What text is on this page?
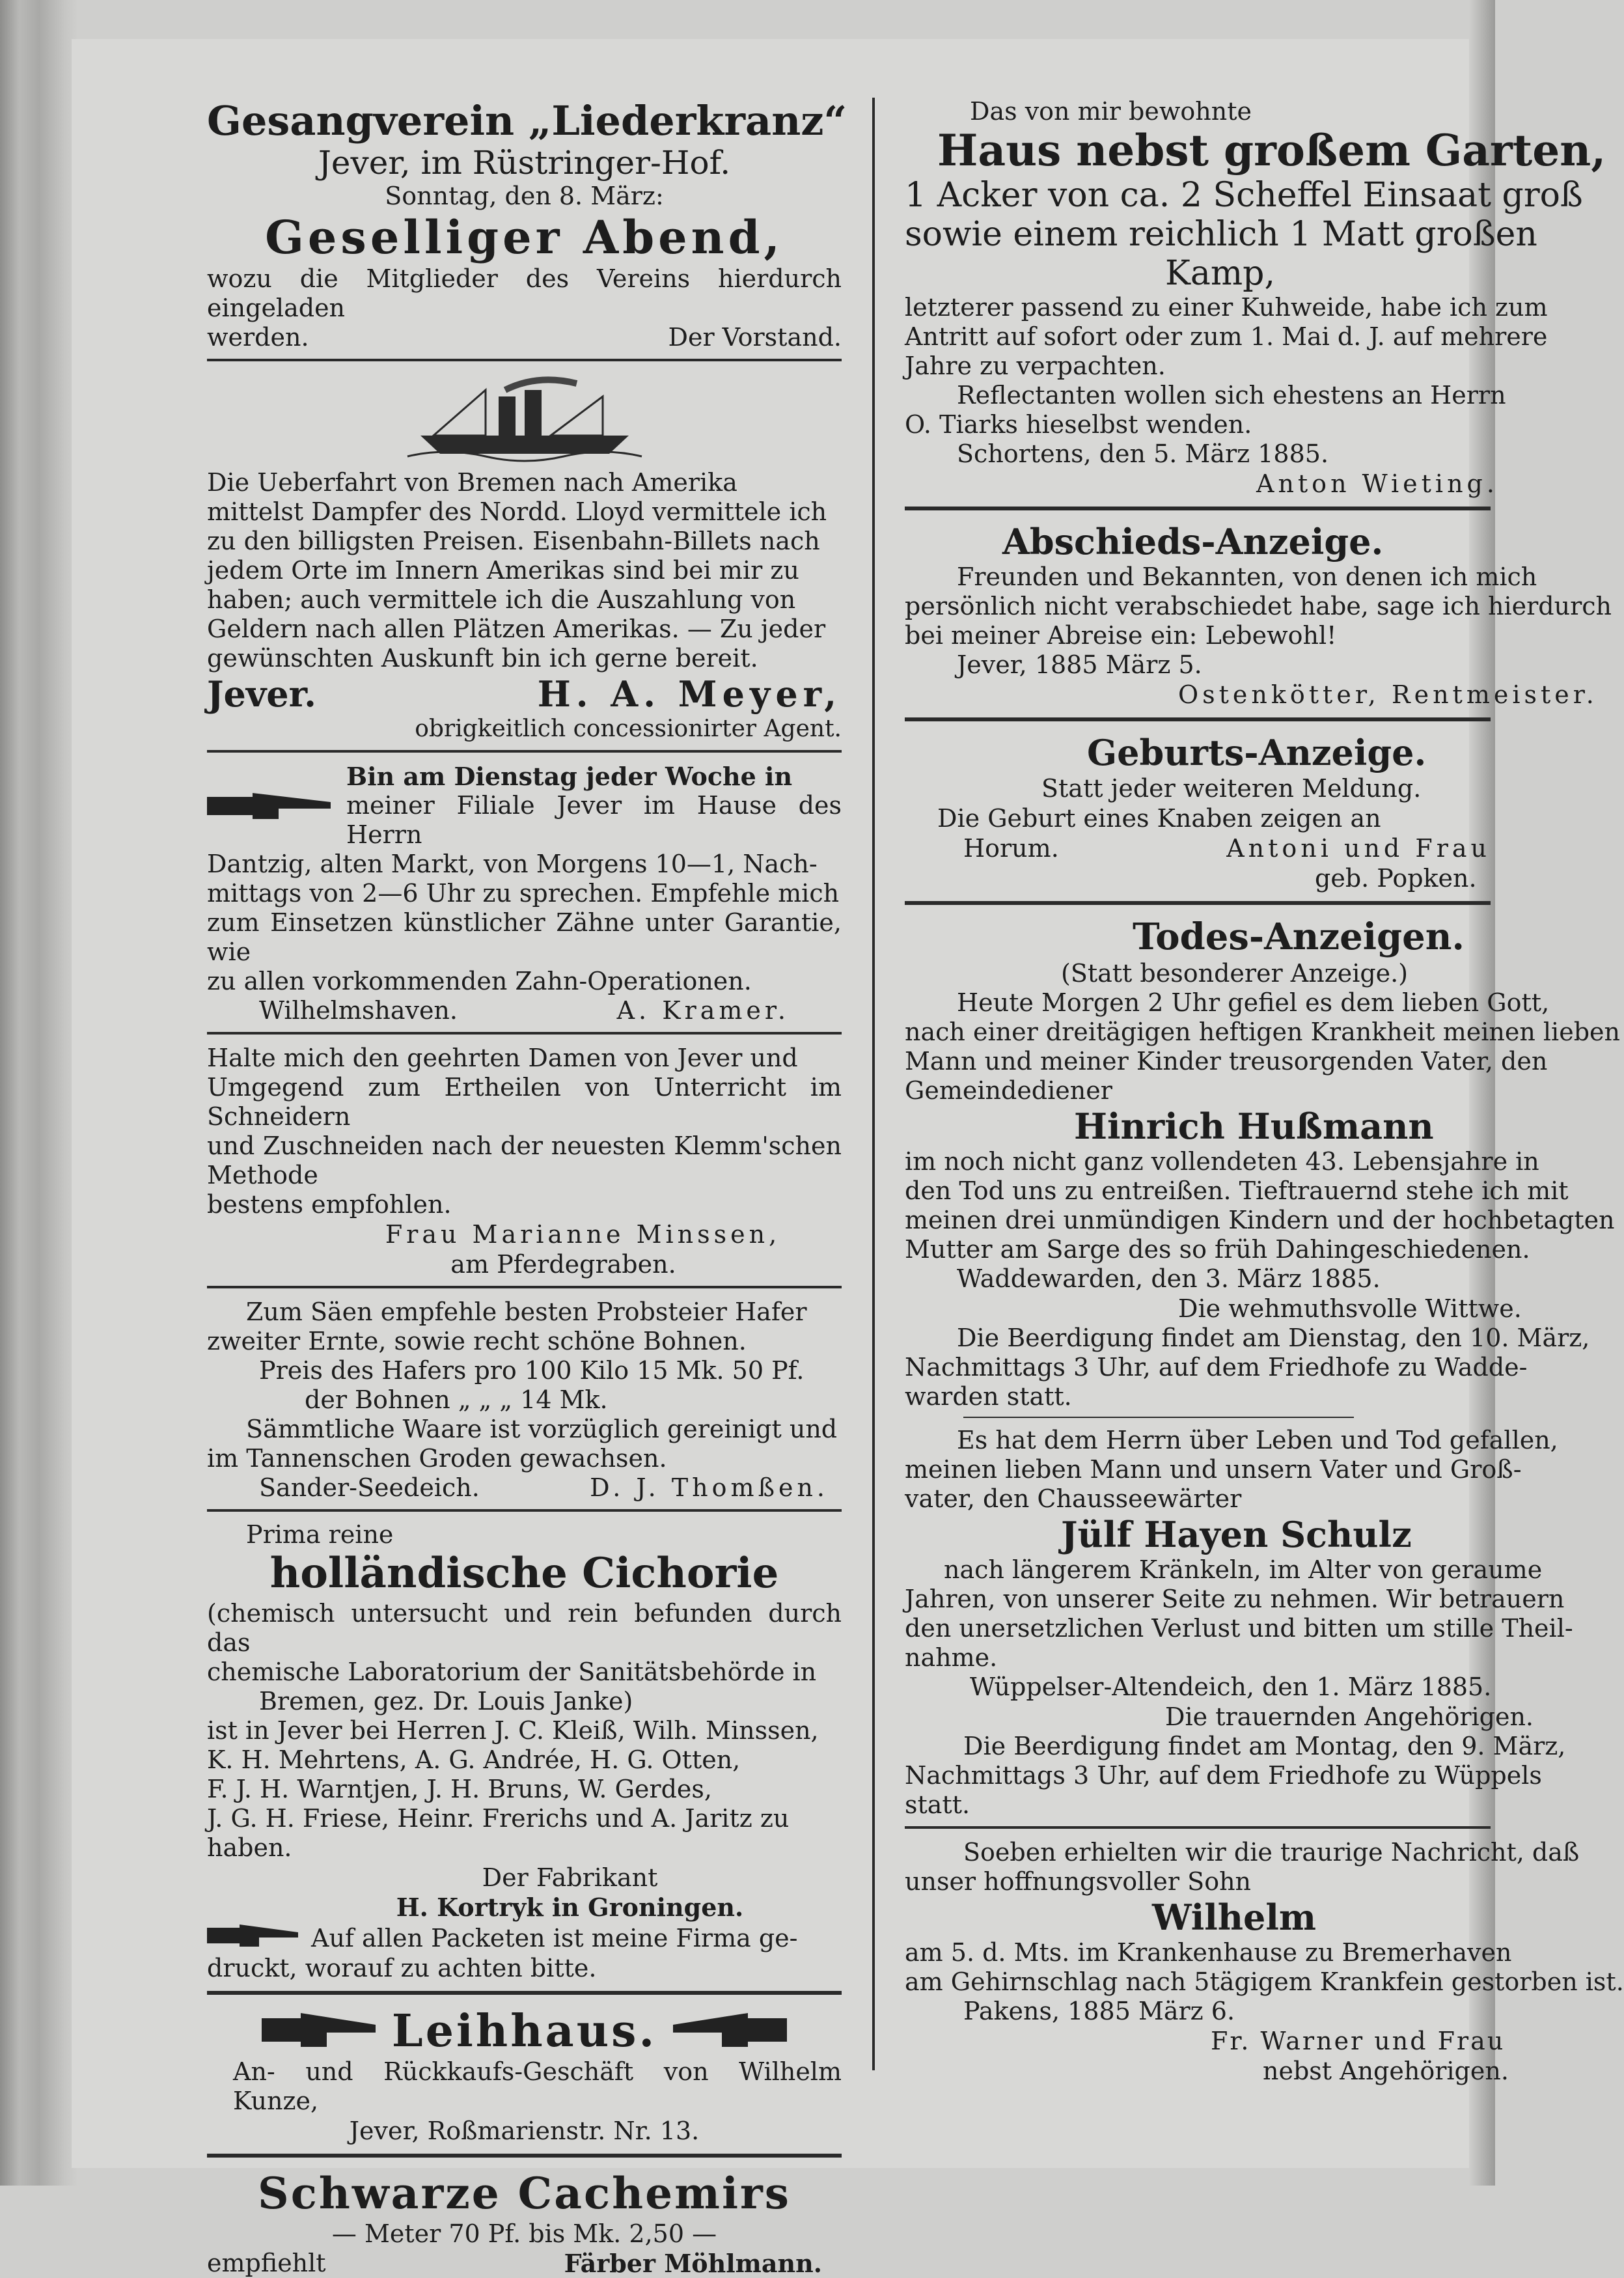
Gesangverein „Liederkranz“
Jever, im Rüstringer-Hof.
Sonntag, den 8. März:
Geselliger Abend,

wozu die Mitglieder des Vereins hierdurch eingeladen

werden.	Der Vorstand.

Die Ueberfahrt von Bremen nach Amerika

mittelst Dampfer des Nordd. Lloyd vermittele ich

zu den billigsten Preisen. Eisenbahn-Billets nach

jedem Orte im Innern Amerikas sind bei mir zu

haben; auch vermittele ich die Auszahlung von

Geldern nach allen Plätzen Amerikas. — Zu jeder

gewünschten Auskunft bin ich gerne bereit.

Jever.	H. A. Meyer,
obrigkeitlich concessionirter Agent.

Bin am Dienstag jeder Woche in

meiner Filiale Jever im Hause des Herrn

Dantzig, alten Markt, von Morgens 10—1, Nach-

mittags von 2—6 Uhr zu sprechen. Empfehle mich

zum Einsetzen künstlicher Zähne unter Garantie, wie

zu allen vorkommenden Zahn-Operationen.

Wilhelmshaven.	A. Kramer.

Halte mich den geehrten Damen von Jever und

Umgegend zum Ertheilen von Unterricht im Schneidern

und Zuschneiden nach der neuesten Klemm'schen Methode

bestens empfohlen.

Frau Marianne Minssen,
am Pferdegraben.

Zum Säen empfehle besten Probsteier Hafer

zweiter Ernte, sowie recht schöne Bohnen.

Preis des Hafers pro 100 Kilo 15 Mk. 50 Pf.

der Bohnen „ „ „ 14 Mk.

Sämmtliche Waare ist vorzüglich gereinigt und

im Tannenschen Groden gewachsen.

Sander-Seedeich.	D. J. Thomßen.
Prima reine
holländische Cichorie

(chemisch untersucht und rein befunden durch das

chemische Laboratorium der Sanitätsbehörde in

Bremen, gez. Dr. Louis Janke)

ist in Jever bei Herren J. C. Kleiß, Wilh. Minssen,

K. H. Mehrtens, A. G. Andrée, H. G. Otten,

F. J. H. Warntjen, J. H. Bruns, W. Gerdes,

J. G. H. Friese, Heinr. Frerichs und A. Jaritz zu

haben.

Der Fabrikant
H. Kortryk in Groningen.

Auf allen Packeten ist meine Firma ge-

druckt, worauf zu achten bitte.

Leihhaus.

An- und Rückkaufs-Geschäft von Wilhelm Kunze,

Jever, Roßmarienstr. Nr. 13.
Schwarze Cachemirs
— Meter 70 Pf. bis Mk. 2,50 —
empfiehlt	Färber Möhlmann.
Das von mir bewohnte
Haus nebst großem Garten,
1 Acker von ca. 2 Scheffel Einsaat groß
sowie einem reichlich 1 Matt großen
Kamp,

letzterer passend zu einer Kuhweide, habe ich zum

Antritt auf sofort oder zum 1. Mai d. J. auf mehrere

Jahre zu verpachten.

Reflectanten wollen sich ehestens an Herrn

O. Tiarks hieselbst wenden.

Schortens, den 5. März 1885.

Anton Wieting.
Abschieds-Anzeige.

Freunden und Bekannten, von denen ich mich

persönlich nicht verabschiedet habe, sage ich hierdurch

bei meiner Abreise ein: Lebewohl!

Jever, 1885 März 5.

Ostenkötter, Rentmeister.
Geburts-Anzeige.
Statt jeder weiteren Meldung.
Die Geburt eines Knaben zeigen an
Horum.	Antoni und Frau
geb. Popken.
Todes-Anzeigen.
(Statt besonderer Anzeige.)

Heute Morgen 2 Uhr gefiel es dem lieben Gott,

nach einer dreitägigen heftigen Krankheit meinen lieben

Mann und meiner Kinder treusorgenden Vater, den

Gemeindediener

Hinrich Hußmann

im noch nicht ganz vollendeten 43. Lebensjahre in

den Tod uns zu entreißen. Tieftrauernd stehe ich mit

meinen drei unmündigen Kindern und der hochbetagten

Mutter am Sarge des so früh Dahingeschiedenen.

Waddewarden, den 3. März 1885.

Die wehmuthsvolle Wittwe.

Die Beerdigung findet am Dienstag, den 10. März,

Nachmittags 3 Uhr, auf dem Friedhofe zu Wadde-

warden statt.

Es hat dem Herrn über Leben und Tod gefallen,

meinen lieben Mann und unsern Vater und Groß-

vater, den Chausseewärter

Jülf Hayen Schulz

nach längerem Kränkeln, im Alter von geraume

Jahren, von unserer Seite zu nehmen. Wir betrauern

den unersetzlichen Verlust und bitten um stille Theil-

nahme.

Wüppelser-Altendeich, den 1. März 1885.

Die trauernden Angehörigen.

Die Beerdigung findet am Montag, den 9. März,

Nachmittags 3 Uhr, auf dem Friedhofe zu Wüppels

statt.

Soeben erhielten wir die traurige Nachricht, daß

unser hoffnungsvoller Sohn

Wilhelm

am 5. d. Mts. im Krankenhause zu Bremerhaven

am Gehirnschlag nach 5tägigem Krankfein gestorben ist.

Pakens, 1885 März 6.

Fr. Warner und Frau
nebst Angehörigen.
